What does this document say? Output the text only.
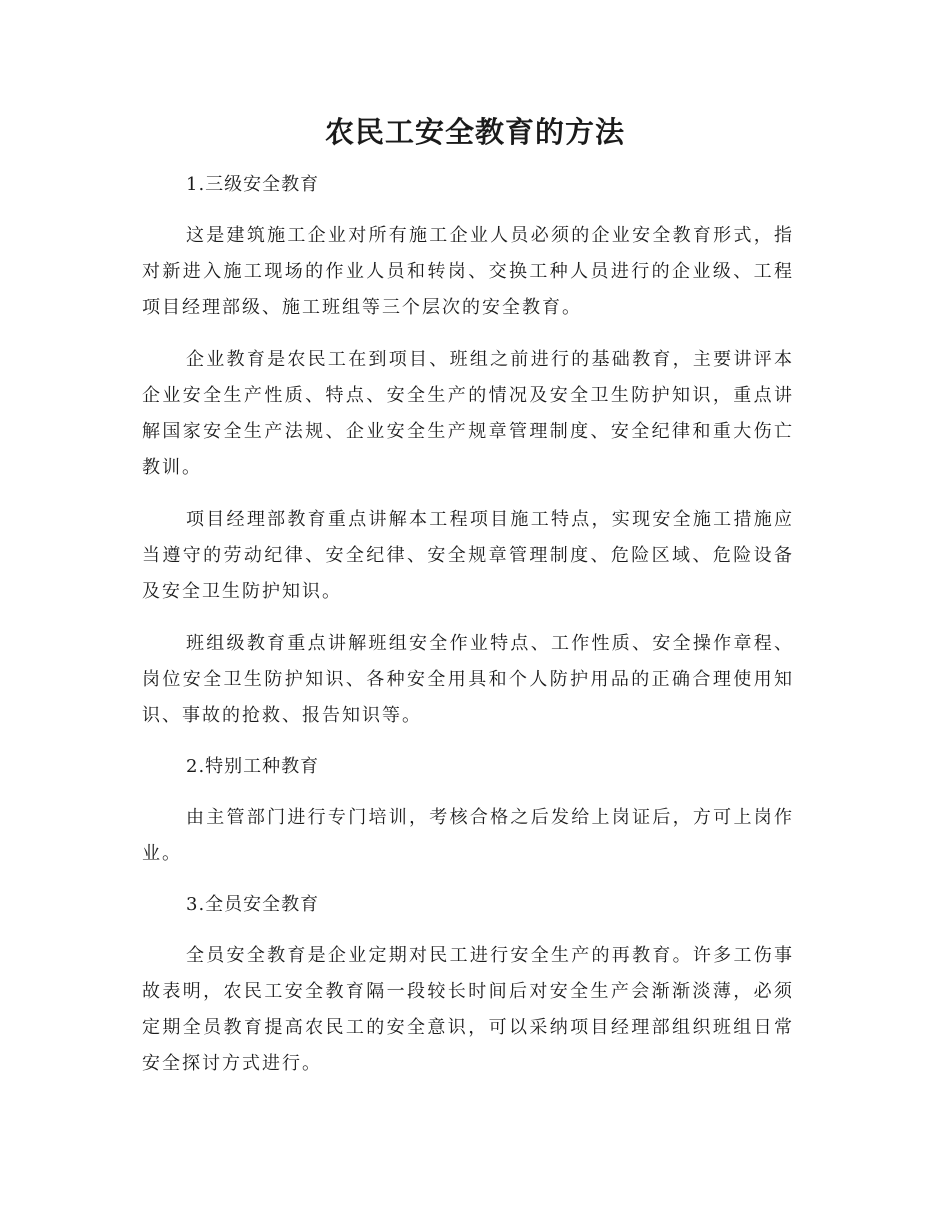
农民工安全教育的方法

1.三级安全教育

这是建筑施工企业对所有施工企业人员必须的企业安全教育形式，指对新进入施工现场的作业人员和转岗、交换工种人员进行的企业级、工程项目经理部级、施工班组等三个层次的安全教育。

企业教育是农民工在到项目、班组之前进行的基础教育，主要讲评本企业安全生产性质、特点、安全生产的情况及安全卫生防护知识，重点讲解国家安全生产法规、企业安全生产规章管理制度、安全纪律和重大伤亡教训。

项目经理部教育重点讲解本工程项目施工特点，实现安全施工措施应当遵守的劳动纪律、安全纪律、安全规章管理制度、危险区域、危险设备及安全卫生防护知识。

班组级教育重点讲解班组安全作业特点、工作性质、安全操作章程、岗位安全卫生防护知识、各种安全用具和个人防护用品的正确合理使用知识、事故的抢救、报告知识等。

2.特别工种教育

由主管部门进行专门培训，考核合格之后发给上岗证后，方可上岗作业。

3.全员安全教育

全员安全教育是企业定期对民工进行安全生产的再教育。许多工伤事故表明，农民工安全教育隔一段较长时间后对安全生产会渐渐淡薄，必须定期全员教育提高农民工的安全意识，可以采纳项目经理部组织班组日常安全探讨方式进行。
